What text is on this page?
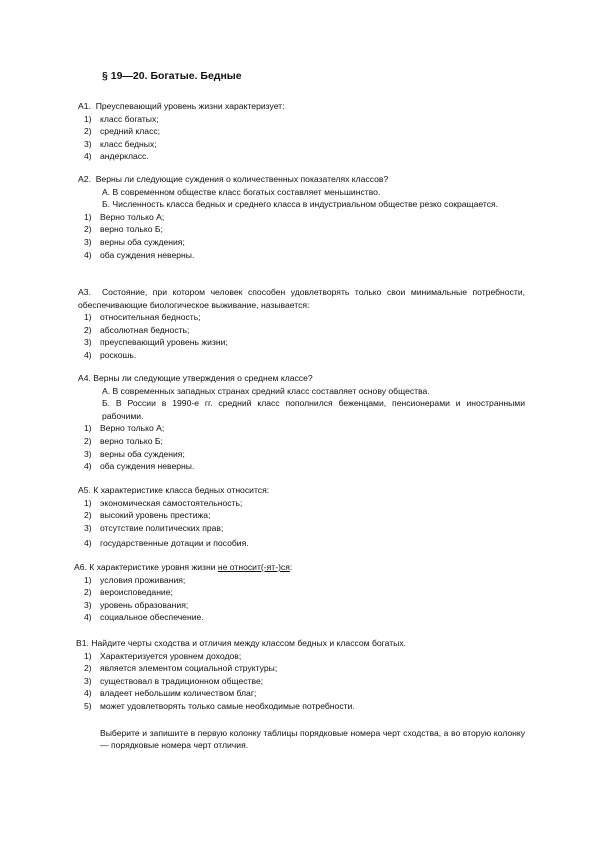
§ 19—20. Богатые. Бедные

А1. Преуспевающий уровень жизни характеризует:

1) класс богатых;
2) средний класс;
3) класс бедных;
4) андеркласс.

А2. Верны ли следующие суждения о количественных показателях классов?

А. В современном обществе класс богатых составляет меньшинство.

Б. Численность класса бедных и среднего класса в индустриальном обществе резко сокращается.

1) Верно только А;
2) верно только Б;
3) верны оба суждения;
4) оба суждения неверны.

А3. Состояние, при котором человек способен удовлетворять только свои минимальные потребности, обеспечивающие биологическое выживание, называется:

1) относительная бедность;
2) абсолютная бедность;
3) преуспевающий уровень жизни;
4) роскошь.

А4. Верны ли следующие утверждения о среднем классе?

А. В современных западных странах средний класс составляет основу общества.

Б. В России в 1990-е гг. средний класс пополнился беженцами, пенсионерами и иностранными рабочими.

1) Верно только А;
2) верно только Б;
3) верны оба суждения;
4) оба суждения неверны.

А5. К характеристике класса бедных относится:

1) экономическая самостоятельность;
2) высокий уровень престижа;
3) отсутствие политических прав;
4) государственные дотации и пособия.

А6. К характеристике уровня жизни не относит(-ят-)ся:

1) условия проживания;
2) вероисповедание;
3) уровень образования;
4) социальное обеспечение.

В1. Найдите черты сходства и отличия между классом бедных и классом богатых.

1) Характеризуется уровнем доходов;
2) является элементом социальной структуры;
3) существовал в традиционном обществе;
4) владеет небольшим количеством благ;
5) может удовлетворять только самые необходимые потребности.

Выберите и запишите в первую колонку таблицы порядковые номера черт сходства, а во вторую колонку — порядковые номера черт отличия.
